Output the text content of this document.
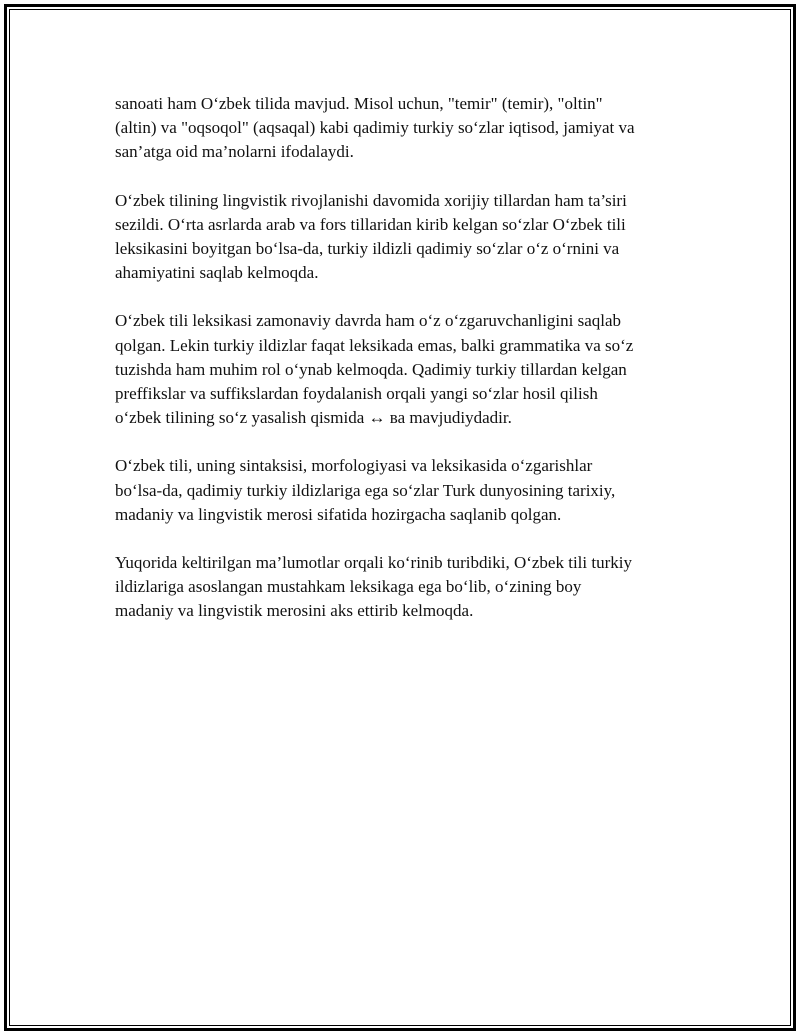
sanoati ham O‘zbek tilida mavjud. Misol uchun, "temir" (temir), "oltin"
(altin) va "oqsoqol" (aqsaqal) kabi qadimiy turkiy so‘zlar iqtisod, jamiyat va
san’atga oid ma’nolarni ifodalaydi.

O‘zbek tilining lingvistik rivojlanishi davomida xorijiy tillardan ham ta’siri
sezildi. O‘rta asrlarda arab va fors tillaridan kirib kelgan so‘zlar O‘zbek tili
leksikasini boyitgan bo‘lsa-da, turkiy ildizli qadimiy so‘zlar o‘z o‘rnini va
ahamiyatini saqlab kelmoqda.

O‘zbek tili leksikasi zamonaviy davrda ham o‘z o‘zgaruvchanligini saqlab
qolgan. Lekin turkiy ildizlar faqat leksikada emas, balki grammatika va so‘z
tuzishda ham muhim rol o‘ynab kelmoqda. Qadimiy turkiy tillardan kelgan
preffikslar va suffikslardan foydalanish orqali yangi so‘zlar hosil qilish
o‘zbek tilining so‘z yasalish qismida ↔ ва mavjudiydadir.

O‘zbek tili, uning sintaksisi, morfologiyasi va leksikasida o‘zgarishlar
bo‘lsa-da, qadimiy turkiy ildizlariga ega so‘zlar Turk dunyosining tarixiy,
madaniy va lingvistik merosi sifatida hozirgacha saqlanib qolgan.

Yuqorida keltirilgan ma’lumotlar orqali ko‘rinib turibdiki, O‘zbek tili turkiy
ildizlariga asoslangan mustahkam leksikaga ega bo‘lib, o‘zining boy
madaniy va lingvistik merosini aks ettirib kelmoqda.
